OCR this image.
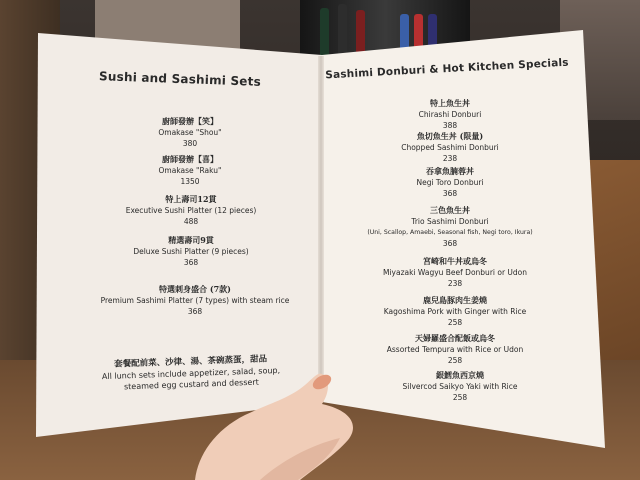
Sushi and Sashimi Sets
廚師發辦【笑】
Omakase "Shou"
380
廚師發辦【喜】
Omakase "Raku"
1350
特上壽司12貫
Executive Sushi Platter (12 pieces)
488
精選壽司9貫
Deluxe Sushi Platter (9 pieces)
368
特選刺身盛合 (7款)
Premium Sashimi Platter (7 types) with steam rice
368
套餐配前菜、沙律、湯、茶碗蒸蛋，甜品
All lunch sets include appetizer, salad, soup,
steamed egg custard and dessert
Sashimi Donburi & Hot Kitchen Specials
特上魚生丼
Chirashi Donburi
388
魚切魚生丼 (限量)
Chopped Sashimi Donburi
238
吞拿魚腩蓉丼
Negi Toro Donburi
368
三色魚生丼
Trio Sashimi Donburi
(Uni, Scallop, Amaebi, Seasonal fish, Negi toro, Ikura)
368
宮崎和牛丼或烏冬
Miyazaki Wagyu Beef Donburi or Udon
238
鹿兒島豚肉生姜燒
Kagoshima Pork with Ginger with Rice
258
天婦羅盛合配飯或烏冬
Assorted Tempura with Rice or Udon
258
銀鱈魚西京燒
Silvercod Saikyo Yaki with Rice
258
